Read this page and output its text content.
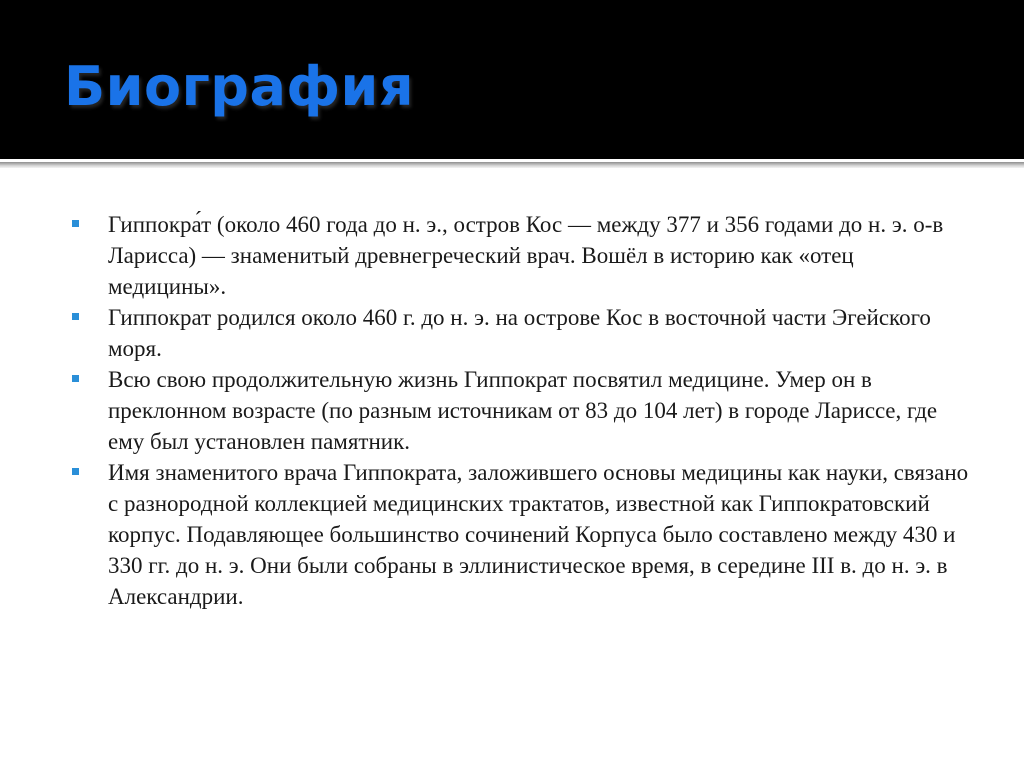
Биография
Гиппокра́т (около 460 года до н. э., остров Кос — между 377 и 356 годами до н. э. о-в Ларисса) — знаменитый древнегреческий врач. Вошёл в историю как «отец медицины».
Гиппократ родился около 460 г. до н. э. на острове Кос в восточной части Эгейского моря.
Всю свою продолжительную жизнь Гиппократ посвятил медицине. Умер он в преклонном возрасте (по разным источникам от 83 до 104 лет) в городе Ларисcе, где ему был установлен памятник.
Имя знаменитого врача Гиппократа, заложившего основы медицины как науки, связано с разнородной коллекцией медицинских трактатов, известной как Гиппократовский корпус. Подавляющее большинство сочинений Корпуса было составлено между 430 и 330 гг. до н. э. Они были собраны в эллинистическое время, в середине III в. до н. э. в Александрии.
